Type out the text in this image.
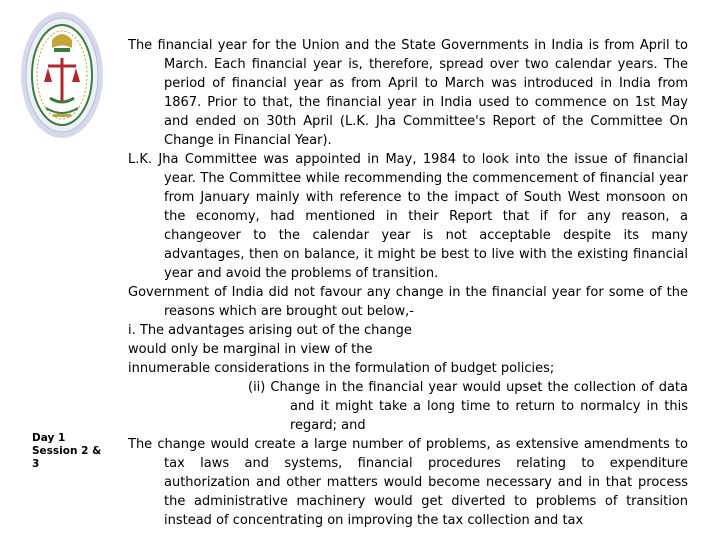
Day 1
Session 2 &
3

The financial year for the Union and the State Governments in India is from April to March. Each financial year is, therefore, spread over two calendar years. The period of financial year as from April to March was introduced in India from 1867. Prior to that, the financial year in India used to commence on 1st May and ended on 30th April (L.K. Jha Committee's Report of the Committee On Change in Financial Year).

L.K. Jha Committee was appointed in May, 1984 to look into the issue of financial year. The Committee while recommending the commencement of financial year from January mainly with reference to the impact of South West monsoon on the economy, had mentioned in their Report that if for any reason, a changeover to the calendar year is not acceptable despite its many advantages, then on balance, it might be best to live with the existing financial year and avoid the problems of transition.

Government of India did not favour any change in the financial year for some of the reasons which are brought out below,-

i. The advantages arising out of the change

would only be marginal in view of the

innumerable considerations in the formulation of budget policies;

(ii) Change in the financial year would upset the collection of data and it might take a long time to return to normalcy in this regard; and

The change would create a large number of problems, as extensive amendments to tax laws and systems, financial procedures relating to expenditure authorization and other matters would become necessary and in that process the administrative machinery would get diverted to problems of transition instead of concentrating on improving the tax collection and tax
